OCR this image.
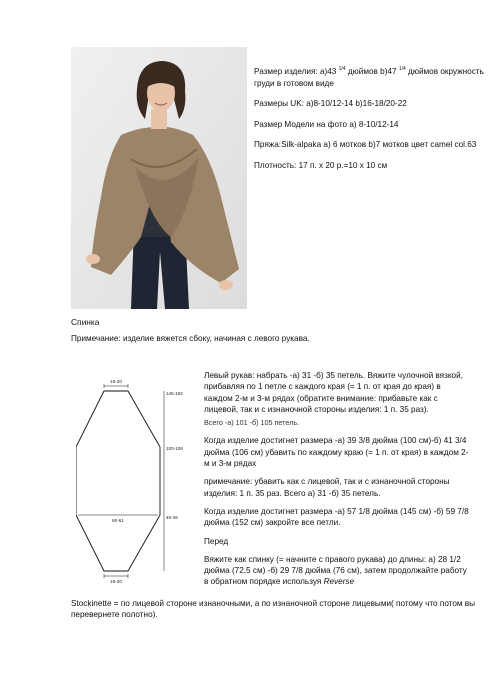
Размер изделия: a)43 $^{1/4}$ дюймов b)47 $^{1/4}$ дюймов окружность груди в готовом виде

Размеры UK: a)8-10/12-14 b)16-18/20-22

Размер Модели на фото a) 8-10/12-14

Пряжа:Silk-alpaka a) 6 мотков b)7 мотков цвет camel col.63

Плотность: 17 п. х 20 р.=10 х 10 см

Спинка
Примечание: изделие вяжется сбоку, начиная с левого рукава.
19-20
145-152
100-106
45-46
60-61
19-20

Левый рукав: набрать -а) 31 -б) 35 петель. Вяжите чулочной вязкой, прибавляя по 1 петле с каждого края (= 1 п. от края до края) в каждом 2-м и 3-м рядах (обратите внимание: прибавьте как с лицевой, так и с изнаночной стороны изделия: 1 п. 35 раз).

Всего -а) 101 -б) 105 петель.

Когда изделие достигнет размера -а) 39 3/8 дюйма (100 см)-б) 41 3/4 дюйма (106 см) убавить по каждому краю (= 1 п. от края) в каждом 2-м и 3-м рядах

примечание: убавить как с лицевой, так и с изнаночной стороны изделия: 1 п. 35 раз. Всего а) 31 -б) 35 петель.

Когда изделие достигнет размера -а) 57 1/8 дюйма (145 см) -б) 59 7/8 дюйма (152 см) закройте все петли.

Перед

Вяжите как спинку (= начните с правого рукава) до длины: а) 28 1/2 дюйма (72,5 см) -б) 29 7/8 дюйма (76 см), затем продолжайте работу в обратном порядке используя Reverse

Stockinette = по лицевой стороне изнаночными, а по изнаночной стороне лицевыми( потому что потом вы перевернете полотно).
